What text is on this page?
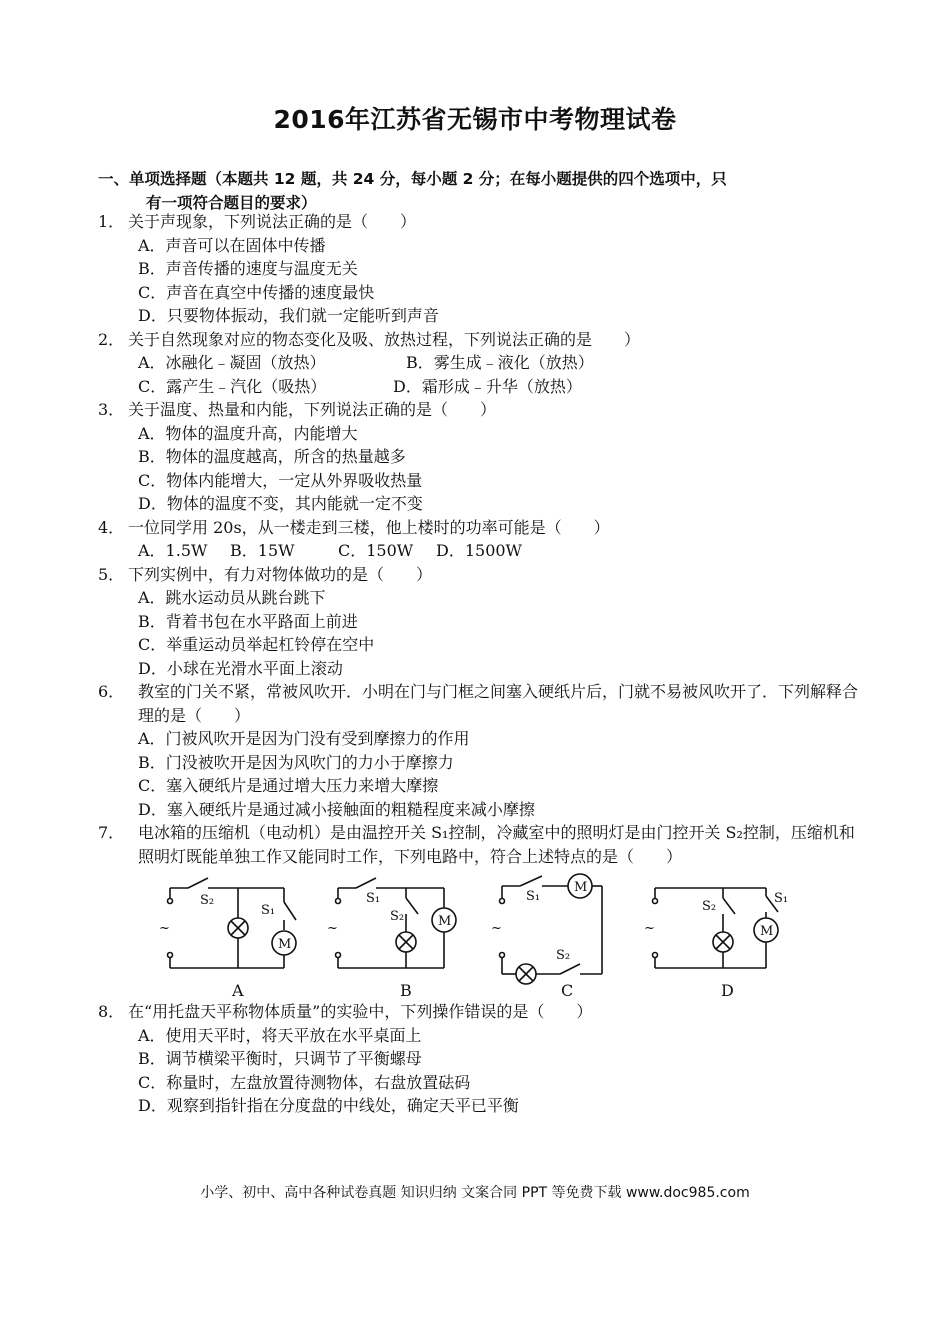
2016年江苏省无锡市中考物理试卷
一、单项选择题（本题共 12 题，共 24 分，每小题 2 分；在每小题提供的四个选项中，只
有一项符合题目的要求）
1． 关于声现象，下列说法正确的是（　　）
A．声音可以在固体中传播
B．声音传播的速度与温度无关
C．声音在真空中传播的速度最快
D．只要物体振动，我们就一定能听到声音
2． 关于自然现象对应的物态变化及吸、放热过程，下列说法正确的是　　）
A．冰融化﹣凝固（放热）	B．雾生成﹣液化（放热）
C．露产生﹣汽化（吸热）	D．霜形成﹣升华（放热）
3． 关于温度、热量和内能，下列说法正确的是（　　）
A．物体的温度升高，内能增大
B．物体的温度越高，所含的热量越多
C．物体内能增大，一定从外界吸收热量
D．物体的温度不变，其内能就一定不变
4． 一位同学用 20s，从一楼走到三楼，他上楼时的功率可能是（　　）
A．1.5W B．15W	C．150W D．1500W
5． 下列实例中，有力对物体做功的是（　　）
A．跳水运动员从跳台跳下
B．背着书包在水平路面上前进
C．举重运动员举起杠铃停在空中
D．小球在光滑水平面上滚动
6． 教室的门关不紧，常被风吹开．小明在门与门框之间塞入硬纸片后，门就不易被风吹开了．下列解释合理的是（　　）
A．门被风吹开是因为门没有受到摩擦力的作用
B．门没被吹开是因为风吹门的力小于摩擦力
C．塞入硬纸片是通过增大压力来增大摩擦
D．塞入硬纸片是通过减小接触面的粗糙程度来减小摩擦
7． 电冰箱的压缩机（电动机）是由温控开关 S₁控制，冷藏室中的照明灯是由门控开关 S₂控制，压缩机和照明灯既能单独工作又能同时工作，下列电路中，符合上述特点的是（　　）
~	~	~	~
S₂
S₁
S₁
S₂
S₁
S₂
S₂
S₁
M
M
M
M
A	B	C	D
8． 在“用托盘天平称物体质量”的实验中，下列操作错误的是（　　）
A．使用天平时，将天平放在水平桌面上
B．调节横梁平衡时，只调节了平衡螺母
C．称量时，左盘放置待测物体，右盘放置砝码
D．观察到指针指在分度盘的中线处，确定天平已平衡
小学、初中、高中各种试卷真题 知识归纳 文案合同 PPT 等免费下载 www.doc985.com
